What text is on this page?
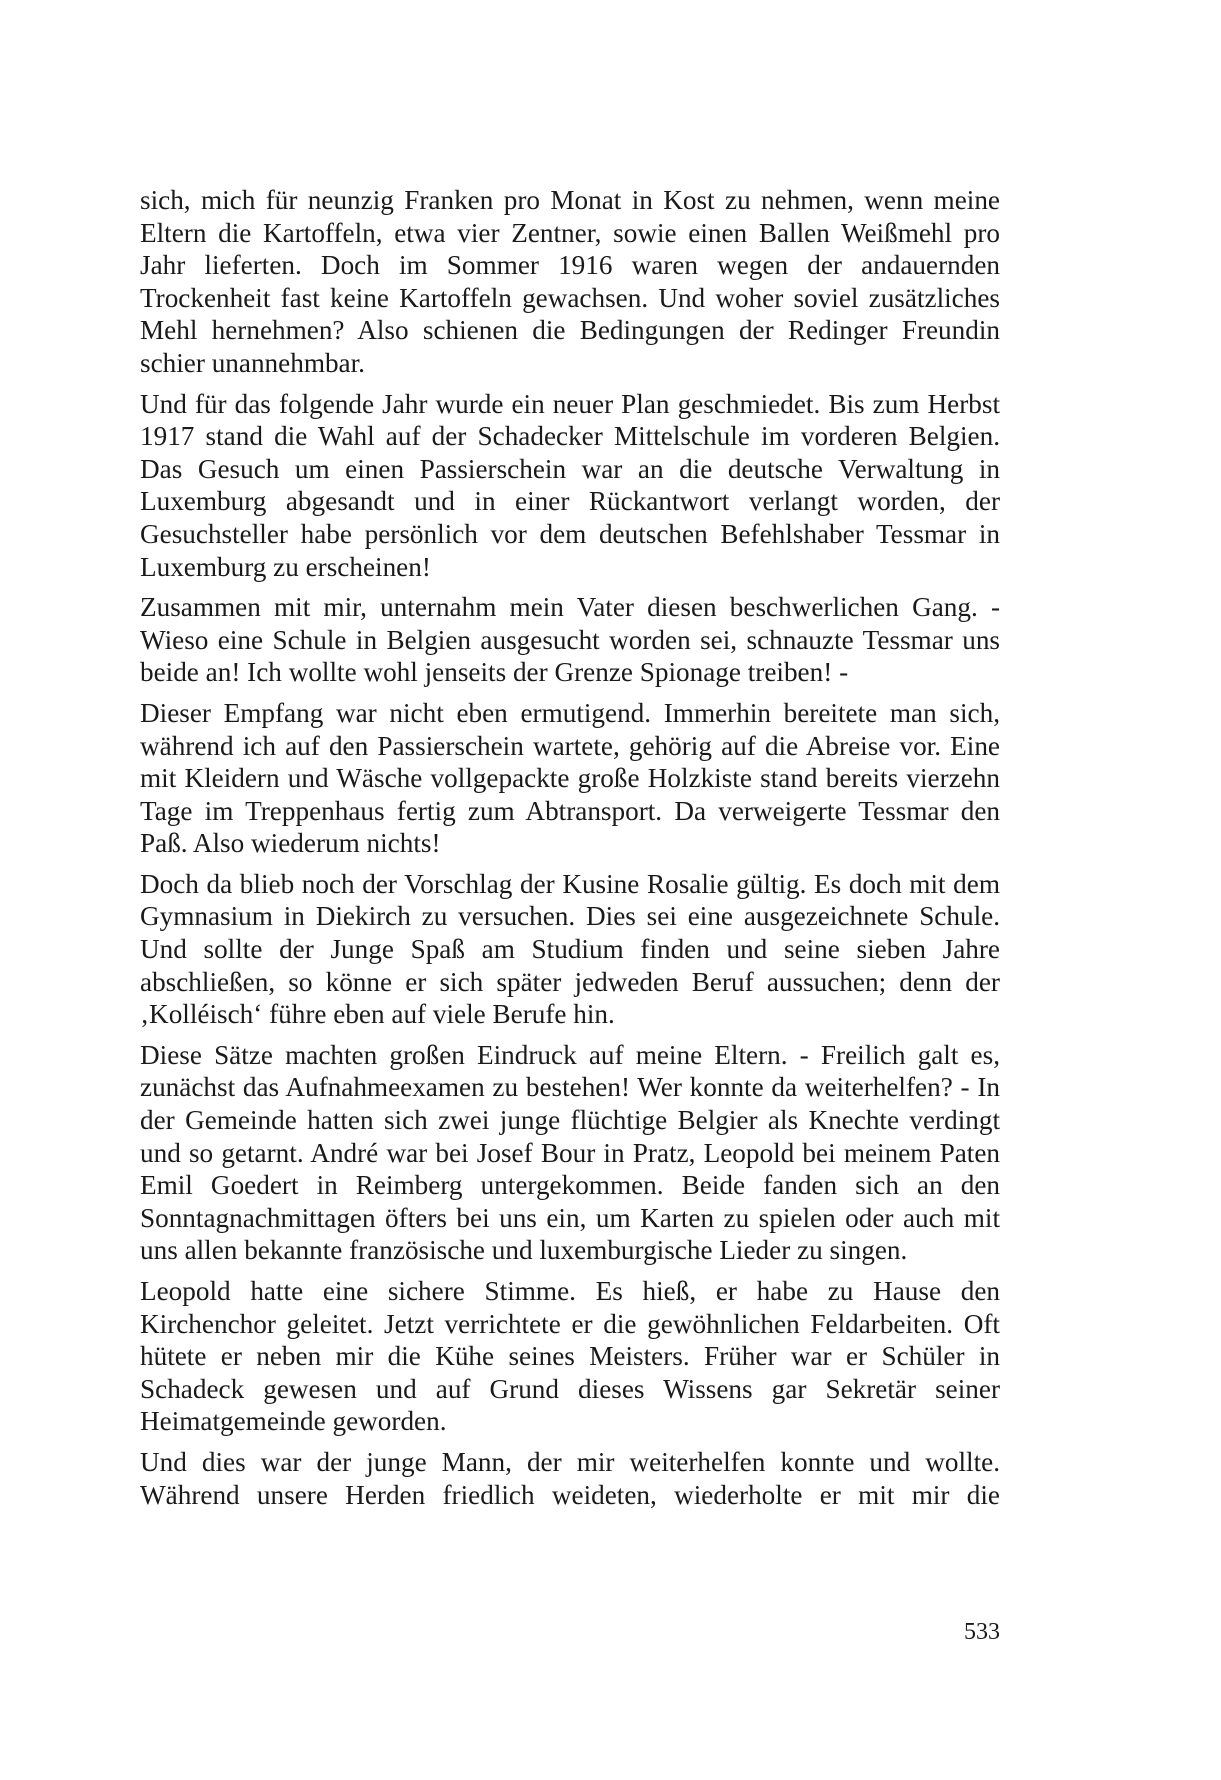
sich, mich für neunzig Franken pro Monat in Kost zu nehmen, wenn meine Eltern die Kartoffeln, etwa vier Zentner, sowie einen Ballen Weißmehl pro Jahr lieferten. Doch im Sommer 1916 waren wegen der andauernden Trockenheit fast keine Kartoffeln gewachsen. Und woher soviel zusätzliches Mehl hernehmen? Also schienen die Bedingungen der Redinger Freundin schier unannehmbar.

Und für das folgende Jahr wurde ein neuer Plan geschmiedet. Bis zum Herbst 1917 stand die Wahl auf der Schadecker Mittelschule im vorderen Belgien. Das Gesuch um einen Passierschein war an die deutsche Verwaltung in Luxemburg abgesandt und in einer Rückantwort verlangt worden, der Gesuchsteller habe persönlich vor dem deutschen Befehlshaber Tessmar in Luxemburg zu erscheinen!

Zusammen mit mir, unternahm mein Vater diesen beschwerlichen Gang. - Wieso eine Schule in Belgien ausgesucht worden sei, schnauzte Tessmar uns beide an! Ich wollte wohl jenseits der Grenze Spionage treiben! -

Dieser Empfang war nicht eben ermutigend. Immerhin bereitete man sich, während ich auf den Passierschein wartete, gehörig auf die Abreise vor. Eine mit Kleidern und Wäsche vollgepackte große Holzkiste stand bereits vierzehn Tage im Treppenhaus fertig zum Abtransport. Da verweigerte Tessmar den Paß. Also wiederum nichts!

Doch da blieb noch der Vorschlag der Kusine Rosalie gültig. Es doch mit dem Gymnasium in Diekirch zu versuchen. Dies sei eine ausgezeichnete Schule. Und sollte der Junge Spaß am Studium finden und seine sieben Jahre abschließen, so könne er sich später jedweden Beruf aussuchen; denn der ‚Kolléisch‘ führe eben auf viele Berufe hin.

Diese Sätze machten großen Eindruck auf meine Eltern. - Freilich galt es, zunächst das Aufnahmeexamen zu bestehen! Wer konnte da weiterhelfen? - In der Gemeinde hatten sich zwei junge flüchtige Belgier als Knechte verdingt und so getarnt. André war bei Josef Bour in Pratz, Leopold bei meinem Paten Emil Goedert in Reimberg untergekommen. Beide fanden sich an den Sonntagnachmittagen öfters bei uns ein, um Karten zu spielen oder auch mit uns allen bekannte französische und luxemburgische Lieder zu singen.

Leopold hatte eine sichere Stimme. Es hieß, er habe zu Hause den Kirchenchor geleitet. Jetzt verrichtete er die gewöhnlichen Feldarbeiten. Oft hütete er neben mir die Kühe seines Meisters. Früher war er Schüler in Schadeck gewesen und auf Grund dieses Wissens gar Sekretär seiner Heimatgemeinde geworden.

Und dies war der junge Mann, der mir weiterhelfen konnte und wollte. Während unsere Herden friedlich weideten, wiederholte er mit mir die

533
